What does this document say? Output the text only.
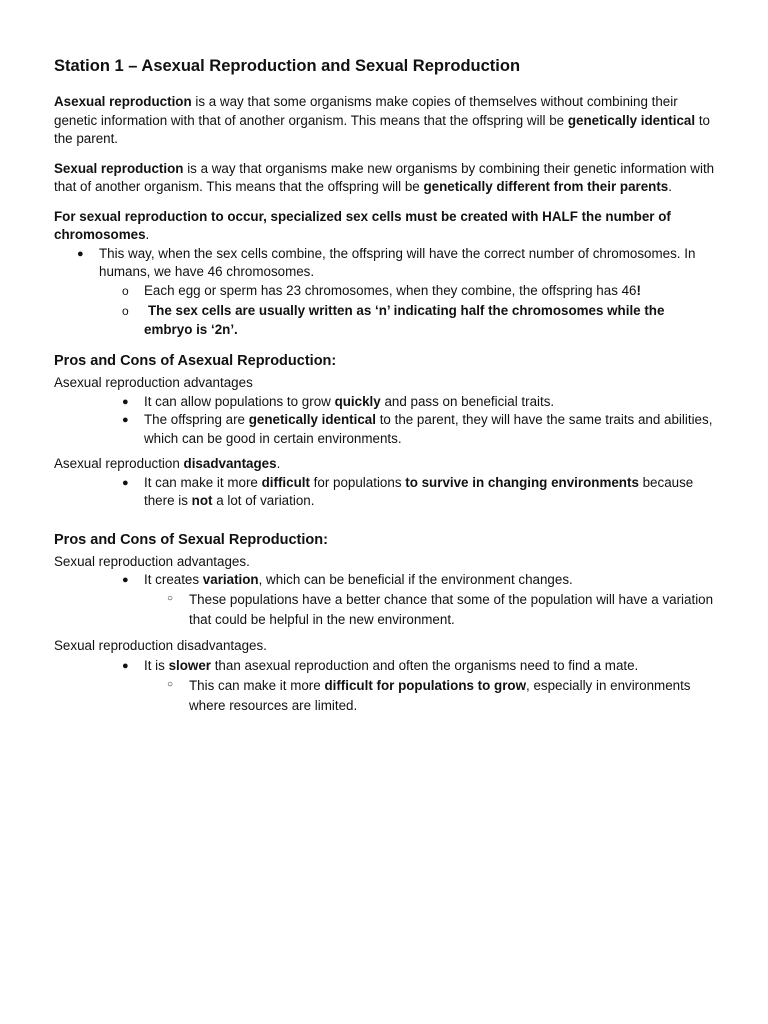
Station 1 – Asexual Reproduction and Sexual Reproduction

Asexual reproduction is a way that some organisms make copies of themselves without combining their genetic information with that of another organism. This means that the offspring will be genetically identical to the parent.

Sexual reproduction is a way that organisms make new organisms by combining their genetic information with that of another organism. This means that the offspring will be genetically different from their parents.

For sexual reproduction to occur, specialized sex cells must be created with HALF the number of chromosomes.

●	This way, when the sex cells combine, the offspring will have the correct number of chromosomes. In humans, we have 46 chromosomes.
o	Each egg or sperm has 23 chromosomes, when they combine, the offspring has 46!
o	The sex cells are usually written as ‘n’ indicating half the chromosomes while the embryo is ‘2n’.
Pros and Cons of Asexual Reproduction:

Asexual reproduction advantages

●	It can allow populations to grow quickly and pass on beneficial traits.
●	The offspring are genetically identical to the parent, they will have the same traits and abilities, which can be good in certain environments.

Asexual reproduction disadvantages.

●	It can make it more difficult for populations to survive in changing environments because there is not a lot of variation.
Pros and Cons of Sexual Reproduction:

Sexual reproduction advantages.

●	It creates variation, which can be beneficial if the environment changes.
○	These populations have a better chance that some of the population will have a variation that could be helpful in the new environment.

Sexual reproduction disadvantages.

●	It is slower than asexual reproduction and often the organisms need to find a mate.
○	This can make it more difficult for populations to grow, especially in environments where resources are limited.
